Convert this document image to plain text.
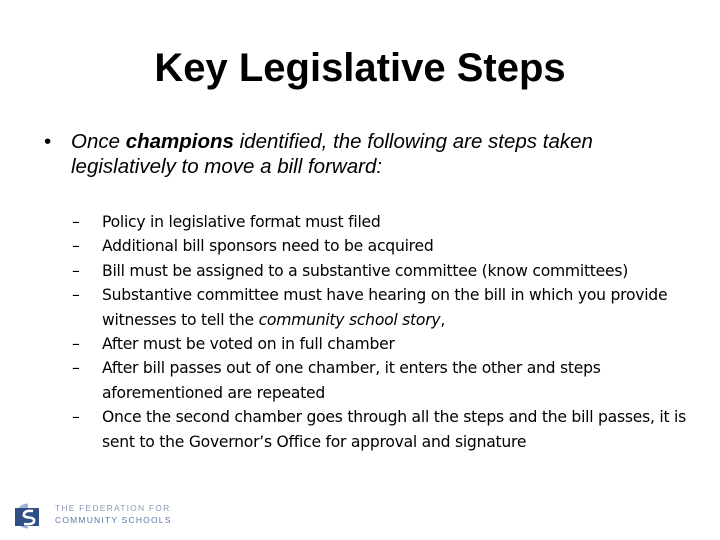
Key Legislative Steps
• Once champions identified, the following are steps taken legislatively to move a bill forward:
– Policy in legislative format must filed
– Additional bill sponsors need to be acquired
– Bill must be assigned to a substantive committee (know committees)
– Substantive committee must have hearing on the bill in which you provide witnesses to tell the community school story,
– After must be voted on in full chamber
– After bill passes out of one chamber, it enters the other and steps aforementioned are repeated
– Once the second chamber goes through all the steps and the bill passes, it is sent to the Governor’s Office for approval and signature
THE FEDERATION FOR
COMMUNITY SCHOOLS
